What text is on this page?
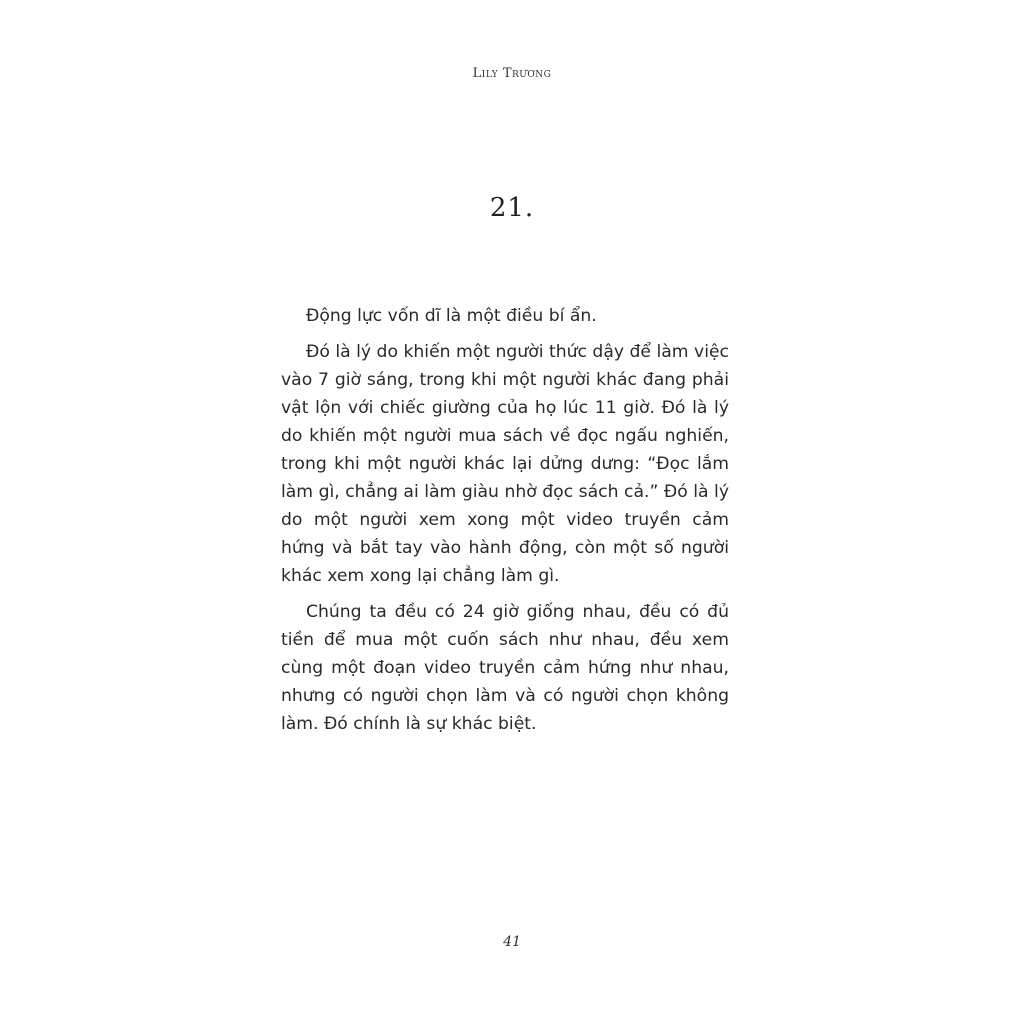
Lily Trương
21.

Động lực vốn dĩ là một điều bí ẩn.

Đó là lý do khiến một người thức dậy để làm việc vào 7 giờ sáng, trong khi một người khác đang phải vật lộn với chiếc giường của họ lúc 11 giờ. Đó là lý do khiến một người mua sách về đọc ngấu nghiến, trong khi một người khác lại dửng dưng: “Đọc lắm làm gì, chẳng ai làm giàu nhờ đọc sách cả.” Đó là lý do một người xem xong một video truyền cảm hứng và bắt tay vào hành động, còn một số người khác xem xong lại chẳng làm gì.

Chúng ta đều có 24 giờ giống nhau, đều có đủ tiền để mua một cuốn sách như nhau, đều xem cùng một đoạn video truyền cảm hứng như nhau, nhưng có người chọn làm và có người chọn không làm. Đó chính là sự khác biệt.

41
